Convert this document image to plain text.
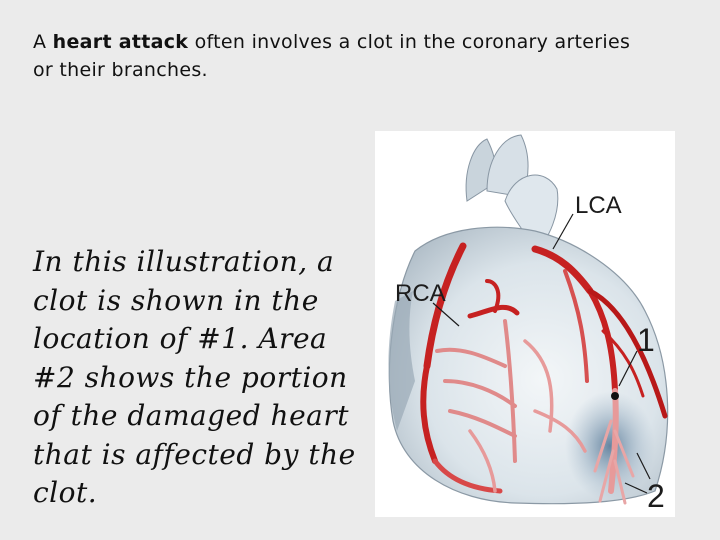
A heart attack often involves a clot in the coronary arteries or their branches.
In this illustration, a clot is shown in the location of #1. Area #2 shows the portion of the damaged heart that is affected by the clot.
LCA
RCA
1
2
